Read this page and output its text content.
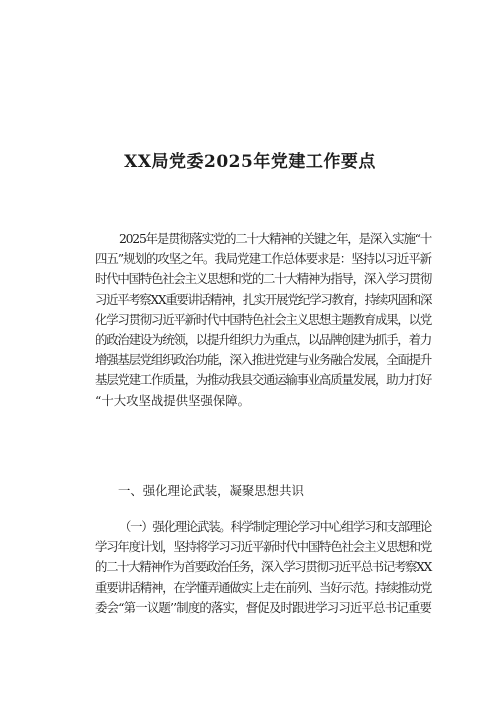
XX局党委2025年党建工作要点
2025年是贯彻落实党的二十大精神的关键之年，是深入实施“十
四五”规划的攻坚之年。我局党建工作总体要求是：坚持以习近平新
时代中国特色社会主义思想和党的二十大精神为指导，深入学习贯彻
习近平考察XX重要讲话精神，扎实开展党纪学习教育，持续巩固和深
化学习贯彻习近平新时代中国特色社会主义思想主题教育成果，以党
的政治建设为统领，以提升组织力为重点，以品牌创建为抓手，着力
增强基层党组织政治功能，深入推进党建与业务融合发展，全面提升
基层党建工作质量，为推动我县交通运输事业高质量发展，助力打好
“十大攻坚战提供坚强保障。

一、强化理论武装，凝聚思想共识

（一）强化理论武装。科学制定理论学习中心组学习和支部理论
学习年度计划，坚持将学习习近平新时代中国特色社会主义思想和党
的二十大精神作为首要政治任务，深入学习贯彻习近平总书记考察XX
重要讲话精神，在学懂弄通做实上走在前列、当好示范。持续推动党
委会“第一议题’’制度的落实，督促及时跟进学习习近平总书记重要
